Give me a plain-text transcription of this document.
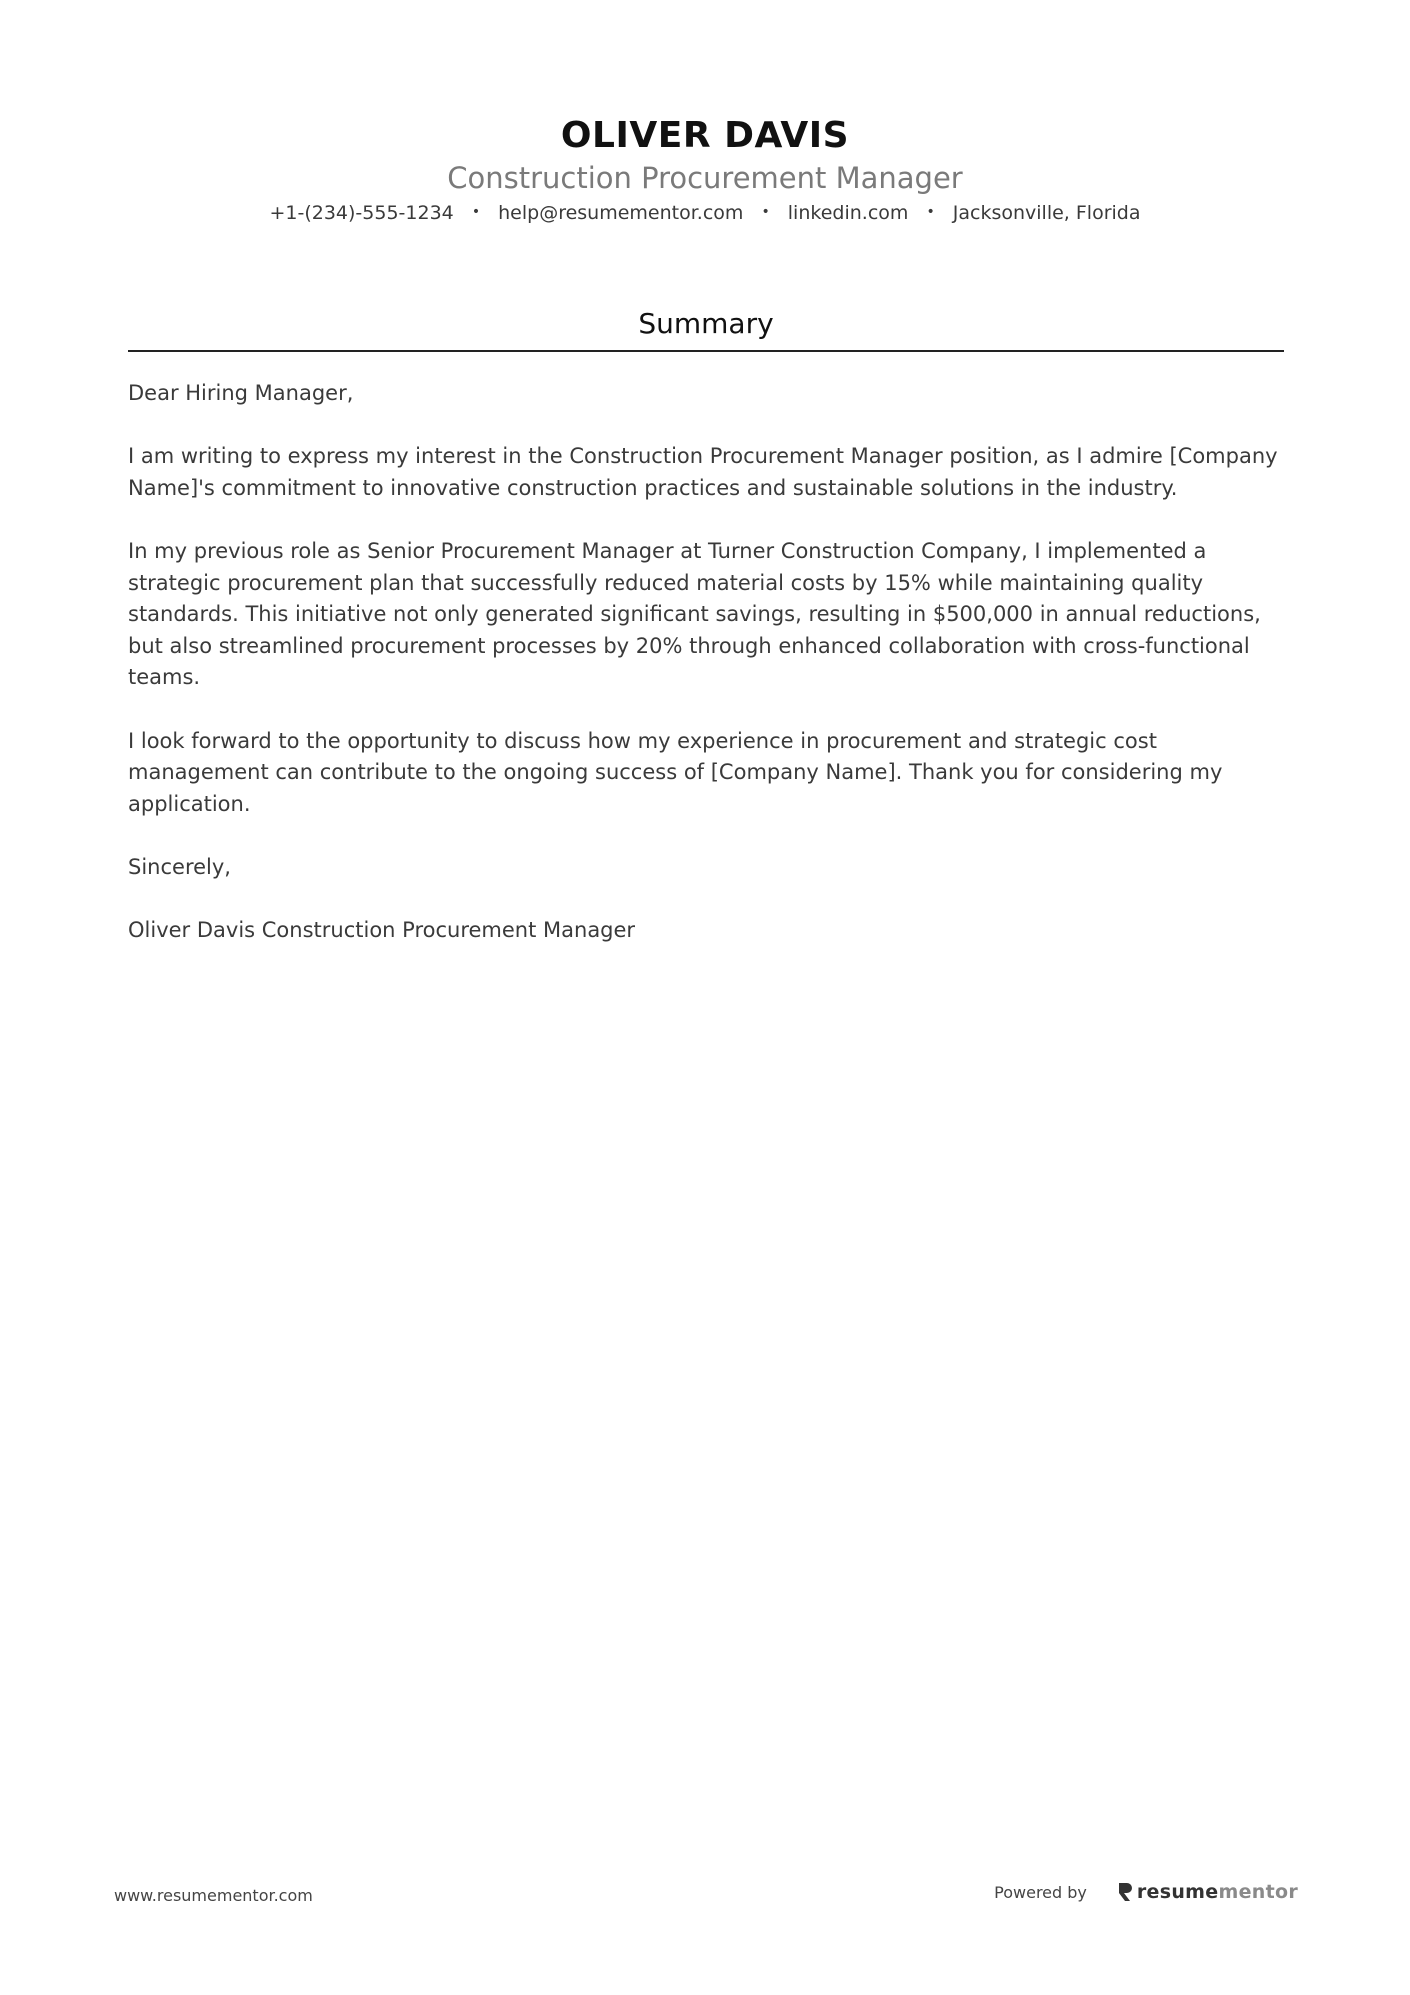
OLIVER DAVIS
Construction Procurement Manager
+1-(234)-555-1234 • help@resumementor.com • linkedin.com • Jacksonville, Florida
Summary

Dear Hiring Manager,

I am writing to express my interest in the Construction Procurement Manager position, as I admire [Company Name]'s commitment to innovative construction practices and sustainable solutions in the industry.

In my previous role as Senior Procurement Manager at Turner Construction Company, I implemented a strategic procurement plan that successfully reduced material costs by 15% while maintaining quality standards. This initiative not only generated significant savings, resulting in $500,000 in annual reductions, but also streamlined procurement processes by 20% through enhanced collaboration with cross-functional teams.

I look forward to the opportunity to discuss how my experience in procurement and strategic cost management can contribute to the ongoing success of [Company Name]. Thank you for considering my application.

Sincerely,

Oliver Davis Construction Procurement Manager

www.resumementor.com	Powered by	resume mentor
